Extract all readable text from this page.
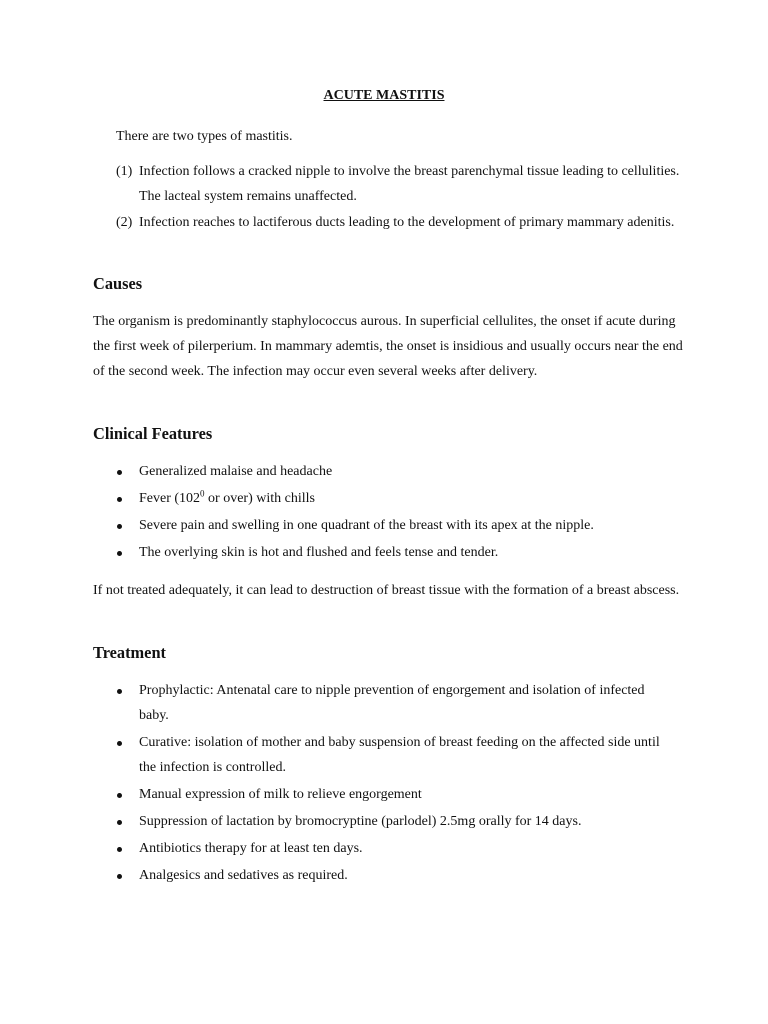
ACUTE MASTITIS

There are two types of mastitis.

(1) Infection follows a cracked nipple to involve the breast parenchymal tissue leading to cellulities. The lacteal system remains unaffected.
(2) Infection reaches to lactiferous ducts leading to the development of primary mammary adenitis.
Causes

The organism is predominantly staphylococcus aurous. In superficial cellulites, the onset if acute during the first week of pilerperium. In mammary ademtis, the onset is insidious and usually occurs near the end of the second week. The infection may occur even several weeks after delivery.

Clinical Features
Generalized malaise and headache
Fever ($102^0$ or over) with chills
Severe pain and swelling in one quadrant of the breast with its apex at the nipple.
The overlying skin is hot and flushed and feels tense and tender.

If not treated adequately, it can lead to destruction of breast tissue with the formation of a breast abscess.

Treatment
Prophylactic: Antenatal care to nipple prevention of engorgement and isolation of infected baby.
Curative: isolation of mother and baby suspension of breast feeding on the affected side until the infection is controlled.
Manual expression of milk to relieve engorgement
Suppression of lactation by bromocryptine (parlodel) 2.5mg orally for 14 days.
Antibiotics therapy for at least ten days.
Analgesics and sedatives as required.
